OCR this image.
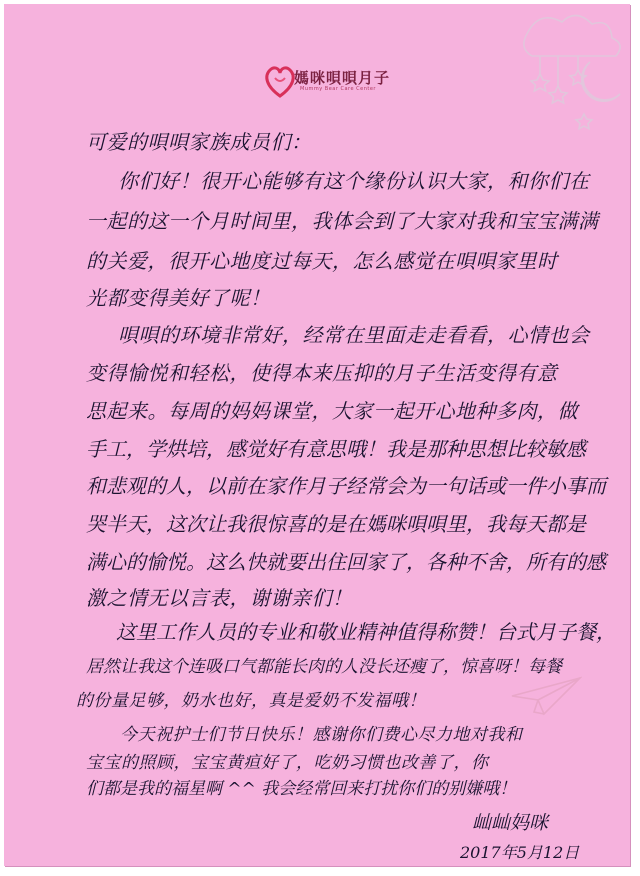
媽咪唄唄月子
Mummy Bear Care Center
可爱的唄唄家族成员们：
你们好！很开心能够有这个缘份认识大家，和你们在
一起的这一个月时间里，我体会到了大家对我和宝宝满满
的关爱，很开心地度过每天，怎么感觉在唄唄家里时
光都变得美好了呢！
唄唄的环境非常好，经常在里面走走看看，心情也会
变得愉悦和轻松，使得本来压抑的月子生活变得有意
思起来。每周的妈妈课堂，大家一起开心地种多肉，做
手工，学烘培，感觉好有意思哦！我是那种思想比较敏感
和悲观的人，以前在家作月子经常会为一句话或一件小事而
哭半天，这次让我很惊喜的是在媽咪唄唄里，我每天都是
满心的愉悦。这么快就要出住回家了，各种不舍，所有的感
激之情无以言表，谢谢亲们！
这里工作人员的专业和敬业精神值得称赞！台式月子餐，
居然让我这个连吸口气都能长肉的人没长还瘦了，惊喜呀！每餐
的份量足够，奶水也好，真是爱奶不发福哦！
今天祝护士们节日快乐！感谢你们费心尽力地对我和
宝宝的照顾，宝宝黄疸好了，吃奶习惯也改善了，你
们都是我的福星啊 ^^ 我会经常回来打扰你们的别嫌哦！
屾屾妈咪
2017年5月12日
